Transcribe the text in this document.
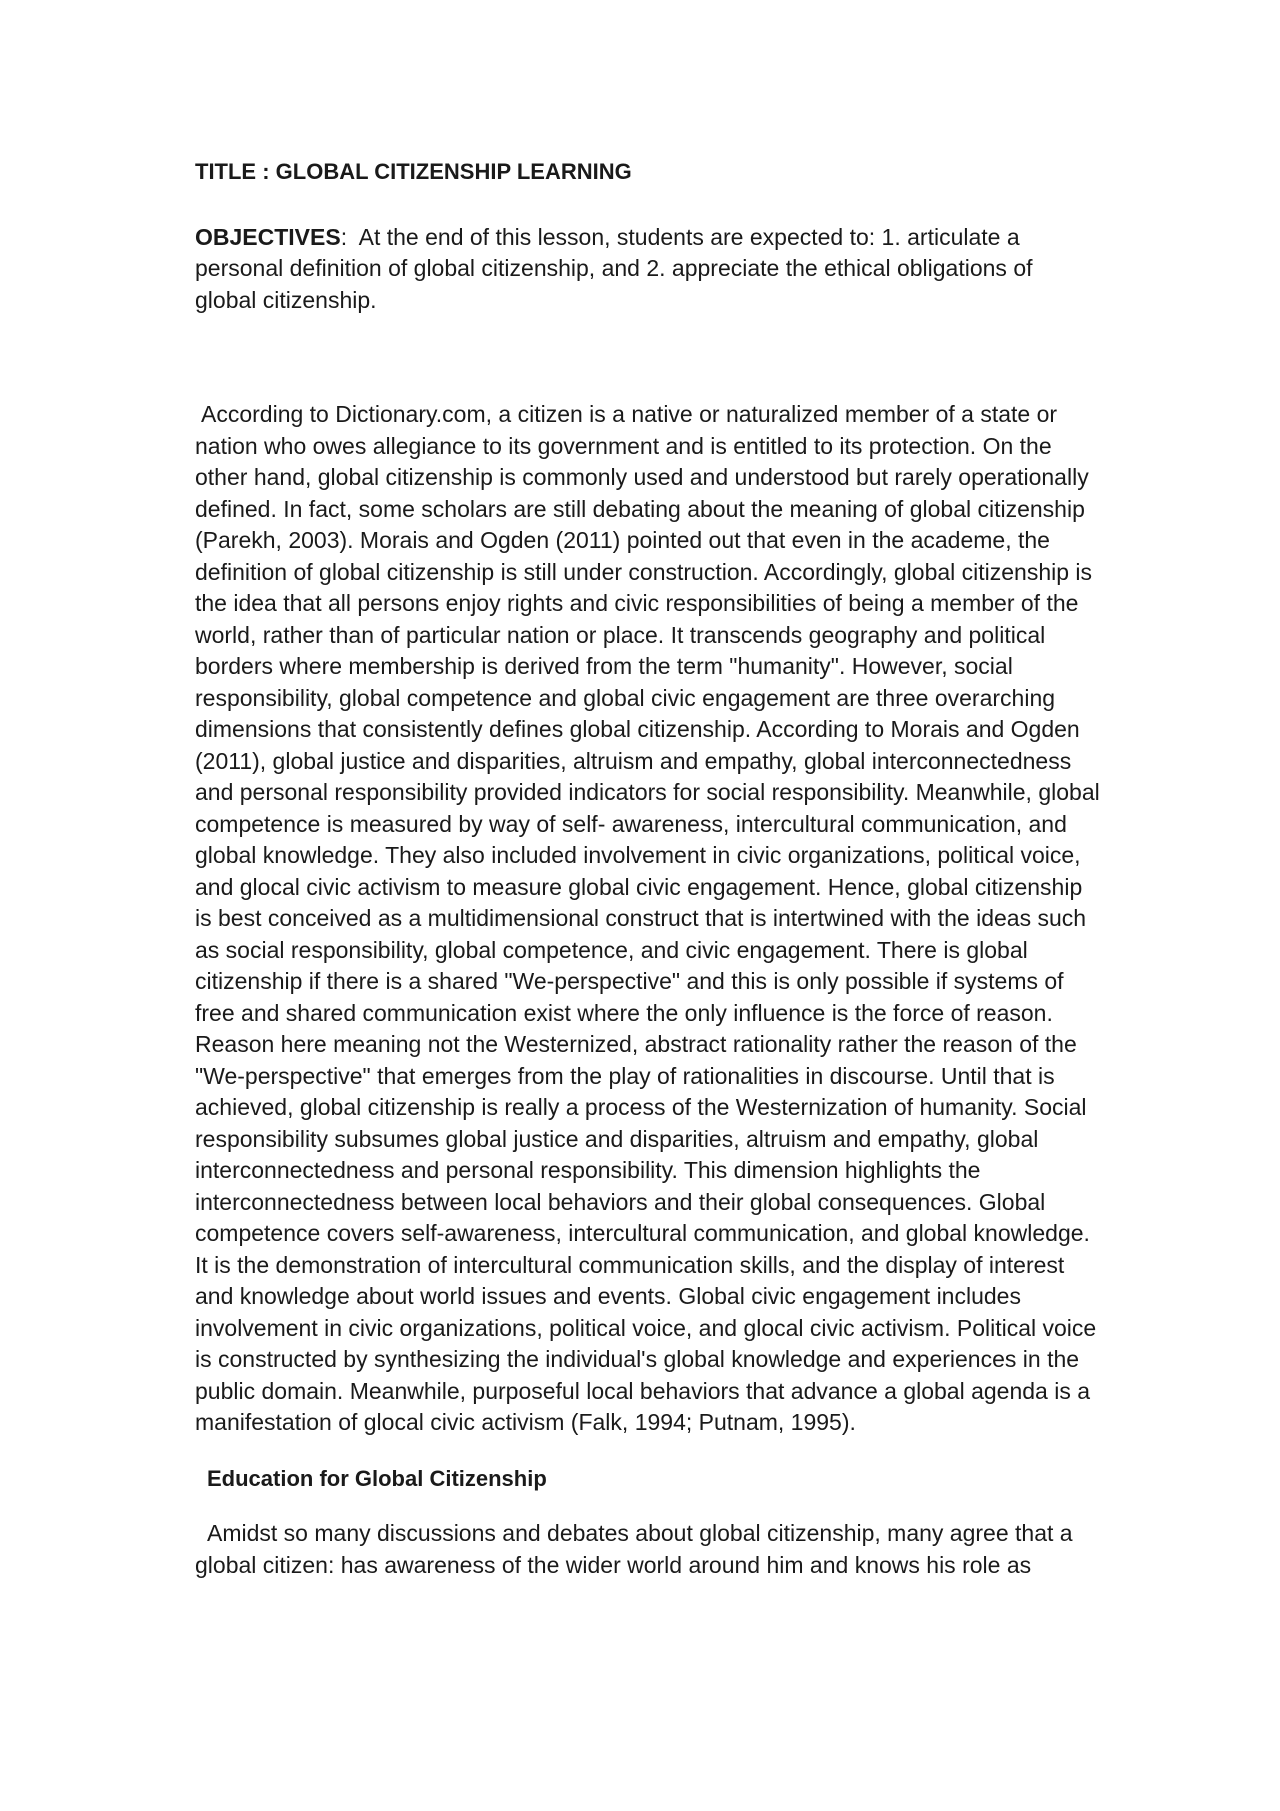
TITLE : GLOBAL CITIZENSHIP LEARNING

OBJECTIVES:  At the end of this lesson, students are expected to: 1. articulate a personal definition of global citizenship, and 2. appreciate the ethical obligations of global citizenship.

According to Dictionary.com, a citizen is a native or naturalized member of a state or nation who owes allegiance to its government and is entitled to its protection. On the other hand, global citizenship is commonly used and understood but rarely operationally defined. In fact, some scholars are still debating about the meaning of global citizenship (Parekh, 2003). Morais and Ogden (2011) pointed out that even in the academe, the definition of global citizenship is still under construction. Accordingly, global citizenship is the idea that all persons enjoy rights and civic responsibilities of being a member of the world, rather than of particular nation or place. It transcends geography and political borders where membership is derived from the term "humanity". However, social responsibility, global competence and global civic engagement are three overarching dimensions that consistently defines global citizenship. According to Morais and Ogden (2011), global justice and disparities, altruism and empathy, global interconnectedness and personal responsibility provided indicators for social responsibility. Meanwhile, global competence is measured by way of self- awareness, intercultural communication, and global knowledge. They also included involvement in civic organizations, political voice, and glocal civic activism to measure global civic engagement. Hence, global citizenship is best conceived as a multidimensional construct that is intertwined with the ideas such as social responsibility, global competence, and civic engagement. There is global citizenship if there is a shared "We-perspective" and this is only possible if systems of free and shared communication exist where the only influence is the force of reason. Reason here meaning not the Westernized, abstract rationality rather the reason of the "We-perspective" that emerges from the play of rationalities in discourse. Until that is achieved, global citizenship is really a process of the Westernization of humanity. Social responsibility subsumes global justice and disparities, altruism and empathy, global interconnectedness and personal responsibility. This dimension highlights the interconnectedness between local behaviors and their global consequences. Global competence covers self-awareness, intercultural communication, and global knowledge. It is the demonstration of intercultural communication skills, and the display of interest and knowledge about world issues and events. Global civic engagement includes involvement in civic organizations, political voice, and glocal civic activism. Political voice is constructed by synthesizing the individual's global knowledge and experiences in the public domain. Meanwhile, purposeful local behaviors that advance a global agenda is a manifestation of glocal civic activism (Falk, 1994; Putnam, 1995).

Education for Global Citizenship

Amidst so many discussions and debates about global citizenship, many agree that a global citizen: has awareness of the wider world around him and knows his role as
